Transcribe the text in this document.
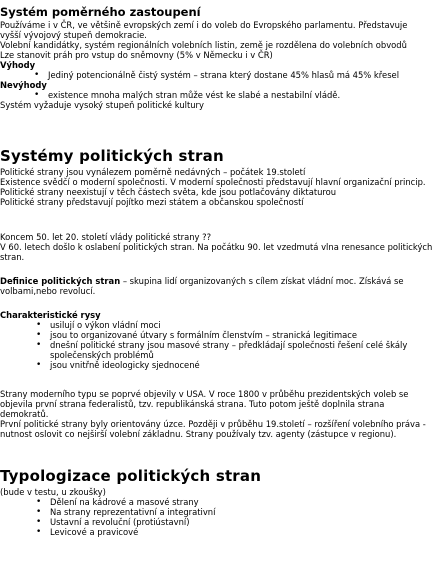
Systém poměrného zastoupení
Používáme i v ČR, ve většině evropských zemí i do voleb do Evropského parlamentu. Představuje
vyšší vývojový stupeň demokracie.
Volební kandidátky, systém regionálních volebních listin, země je rozdělena do volebních obvodů
Lze stanovit práh pro vstup do sněmovny (5% v Německu i v ČR)
Výhody
• Jediný potencionálně čistý systém – strana který dostane 45% hlasů má 45% křesel
Nevýhody
• existence mnoha malých stran může vést ke slabé a nestabilní vládě.
Systém vyžaduje vysoký stupeň politické kultury
Systémy politických stran
Politické strany jsou vynálezem poměrně nedávných – počátek 19.století
Existence svědčí o moderní společnosti. V moderní společnosti představují hlavní organizační princip.
Politické strany neexistují v těch částech světa, kde jsou potlačovány diktaturou
Politické strany představují pojítko mezi státem a občanskou společností
Koncem 50. let 20. století vlády politické strany ??
V 60. letech došlo k oslabení politických stran. Na počátku 90. let vzedmutá vlna renesance politických
stran.
Definice politických stran – skupina lidí organizovaných s cílem získat vládní moc. Získává se
volbami,nebo revolucí.
Charakteristické rysy
• usilují o výkon vládní moci
• jsou to organizované útvary s formálním členstvím – stranická legitimace
• dnešní politické strany jsou masové strany – předkládají společnosti řešení celé škály
společenských problémů
• jsou vnitřně ideologicky sjednocené
Strany moderního typu se poprvé objevily v USA. V roce 1800 v průběhu prezidentských voleb se
objevila první strana federalistů, tzv. republikánská strana. Tuto potom ještě doplnila strana
demokratů.
První politické strany byly orientovány úzce. Později v průběhu 19.století – rozšíření volebního práva -
nutnost oslovit co nejširší volební základnu. Strany používaly tzv. agenty (zástupce v regionu).
Typologizace politických stran
(bude v testu, u zkoušky)
• Dělení na kádrové a masové strany
• Na strany reprezentativní a integrativní
• Ustavní a revoluční (protiústavní)
• Levicové a pravicové
